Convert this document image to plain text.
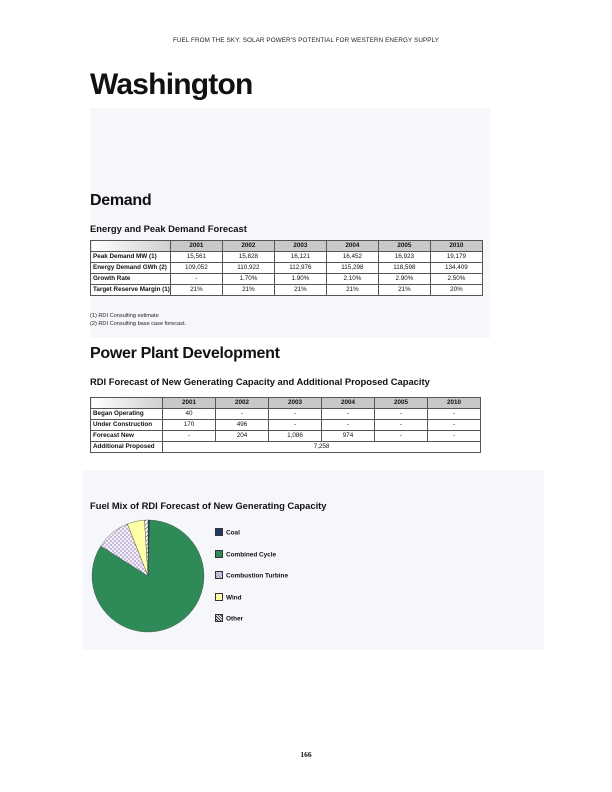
FUEL FROM THE SKY: SOLAR POWER'S POTENTIAL FOR WESTERN ENERGY SUPPLY
Washington
Demand
Energy and Peak Demand Forecast
	2001	2002	2003	2004	2005	2010
Peak Demand MW (1)	15,561	15,828	16,121	16,452	16,923	19,179
Energy Demand GWh (2)	109,052	110,922	112,976	115,298	118,598	134,409
Growth Rate	-	1.70%	1.90%	2.10%	2.90%	2.50%
Target Reserve Margin (1)	21%	21%	21%	21%	21%	20%
(1) RDI Consulting estimate
(2) RDI Consulting base case forecast.
Power Plant Development
RDI Forecast of New Generating Capacity and Additional Proposed Capacity
	2001	2002	2003	2004	2005	2010
Began Operating	40	-	-	-	-	-
Under Construction	170	496	-	-	-	-
Forecast New	-	204	1,086	974	-	-
Additional Proposed	7,258					
Fuel Mix of RDI Forecast of New Generating Capacity
Coal
Combined Cycle
Combustion Turbine
Wind
Other
166
